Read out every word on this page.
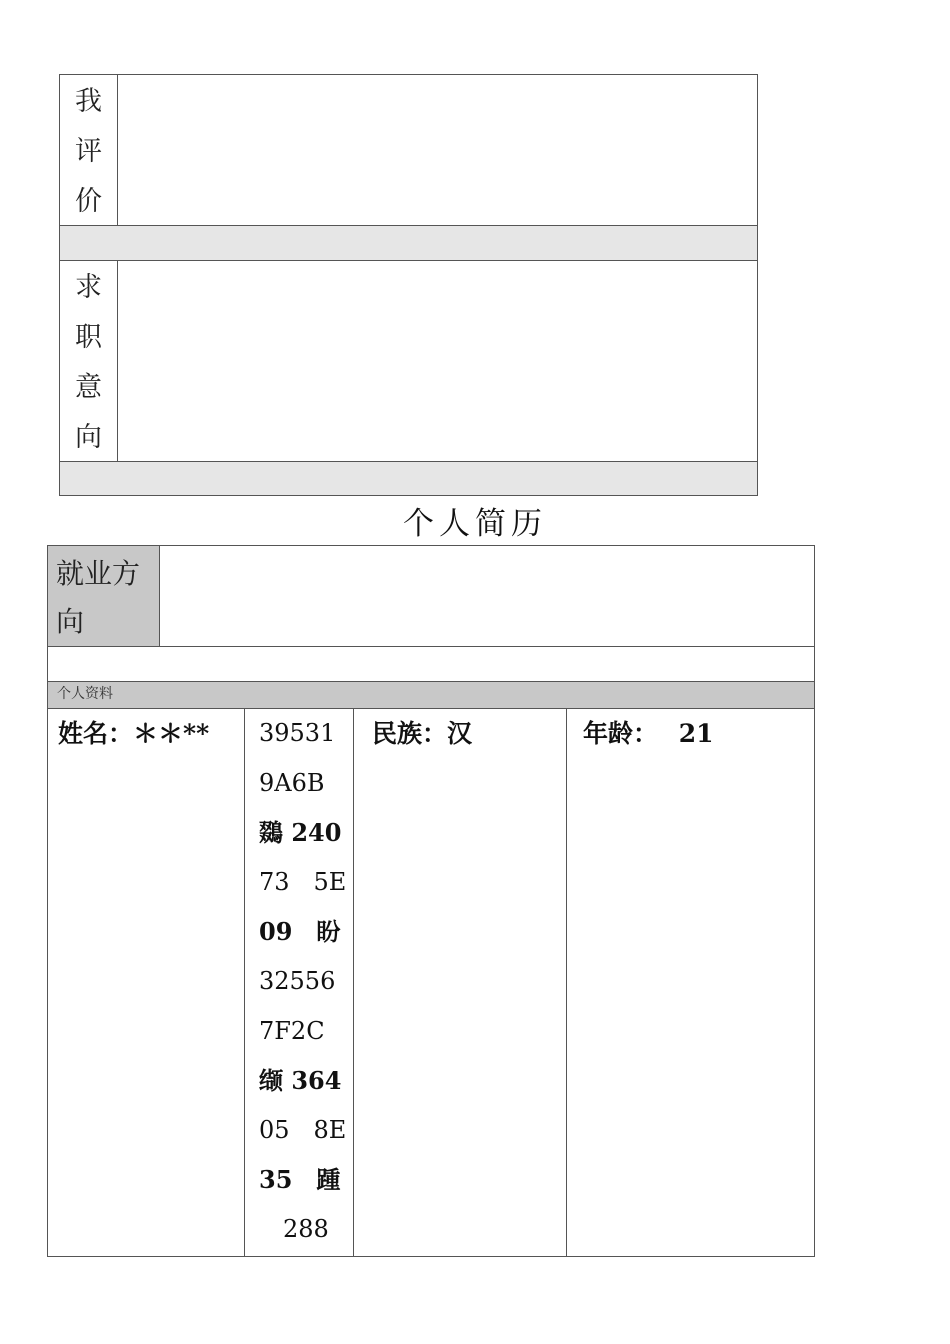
我
评
价
求
职
意
向
个人简历
就业方
向
个人资料
姓名：＊＊**	39531
9A6B
鵽 240
73　5E
09　盼
32556
7F2C
缬 364
05　8E
35　踵
　288
民族：汉	年龄： 21
